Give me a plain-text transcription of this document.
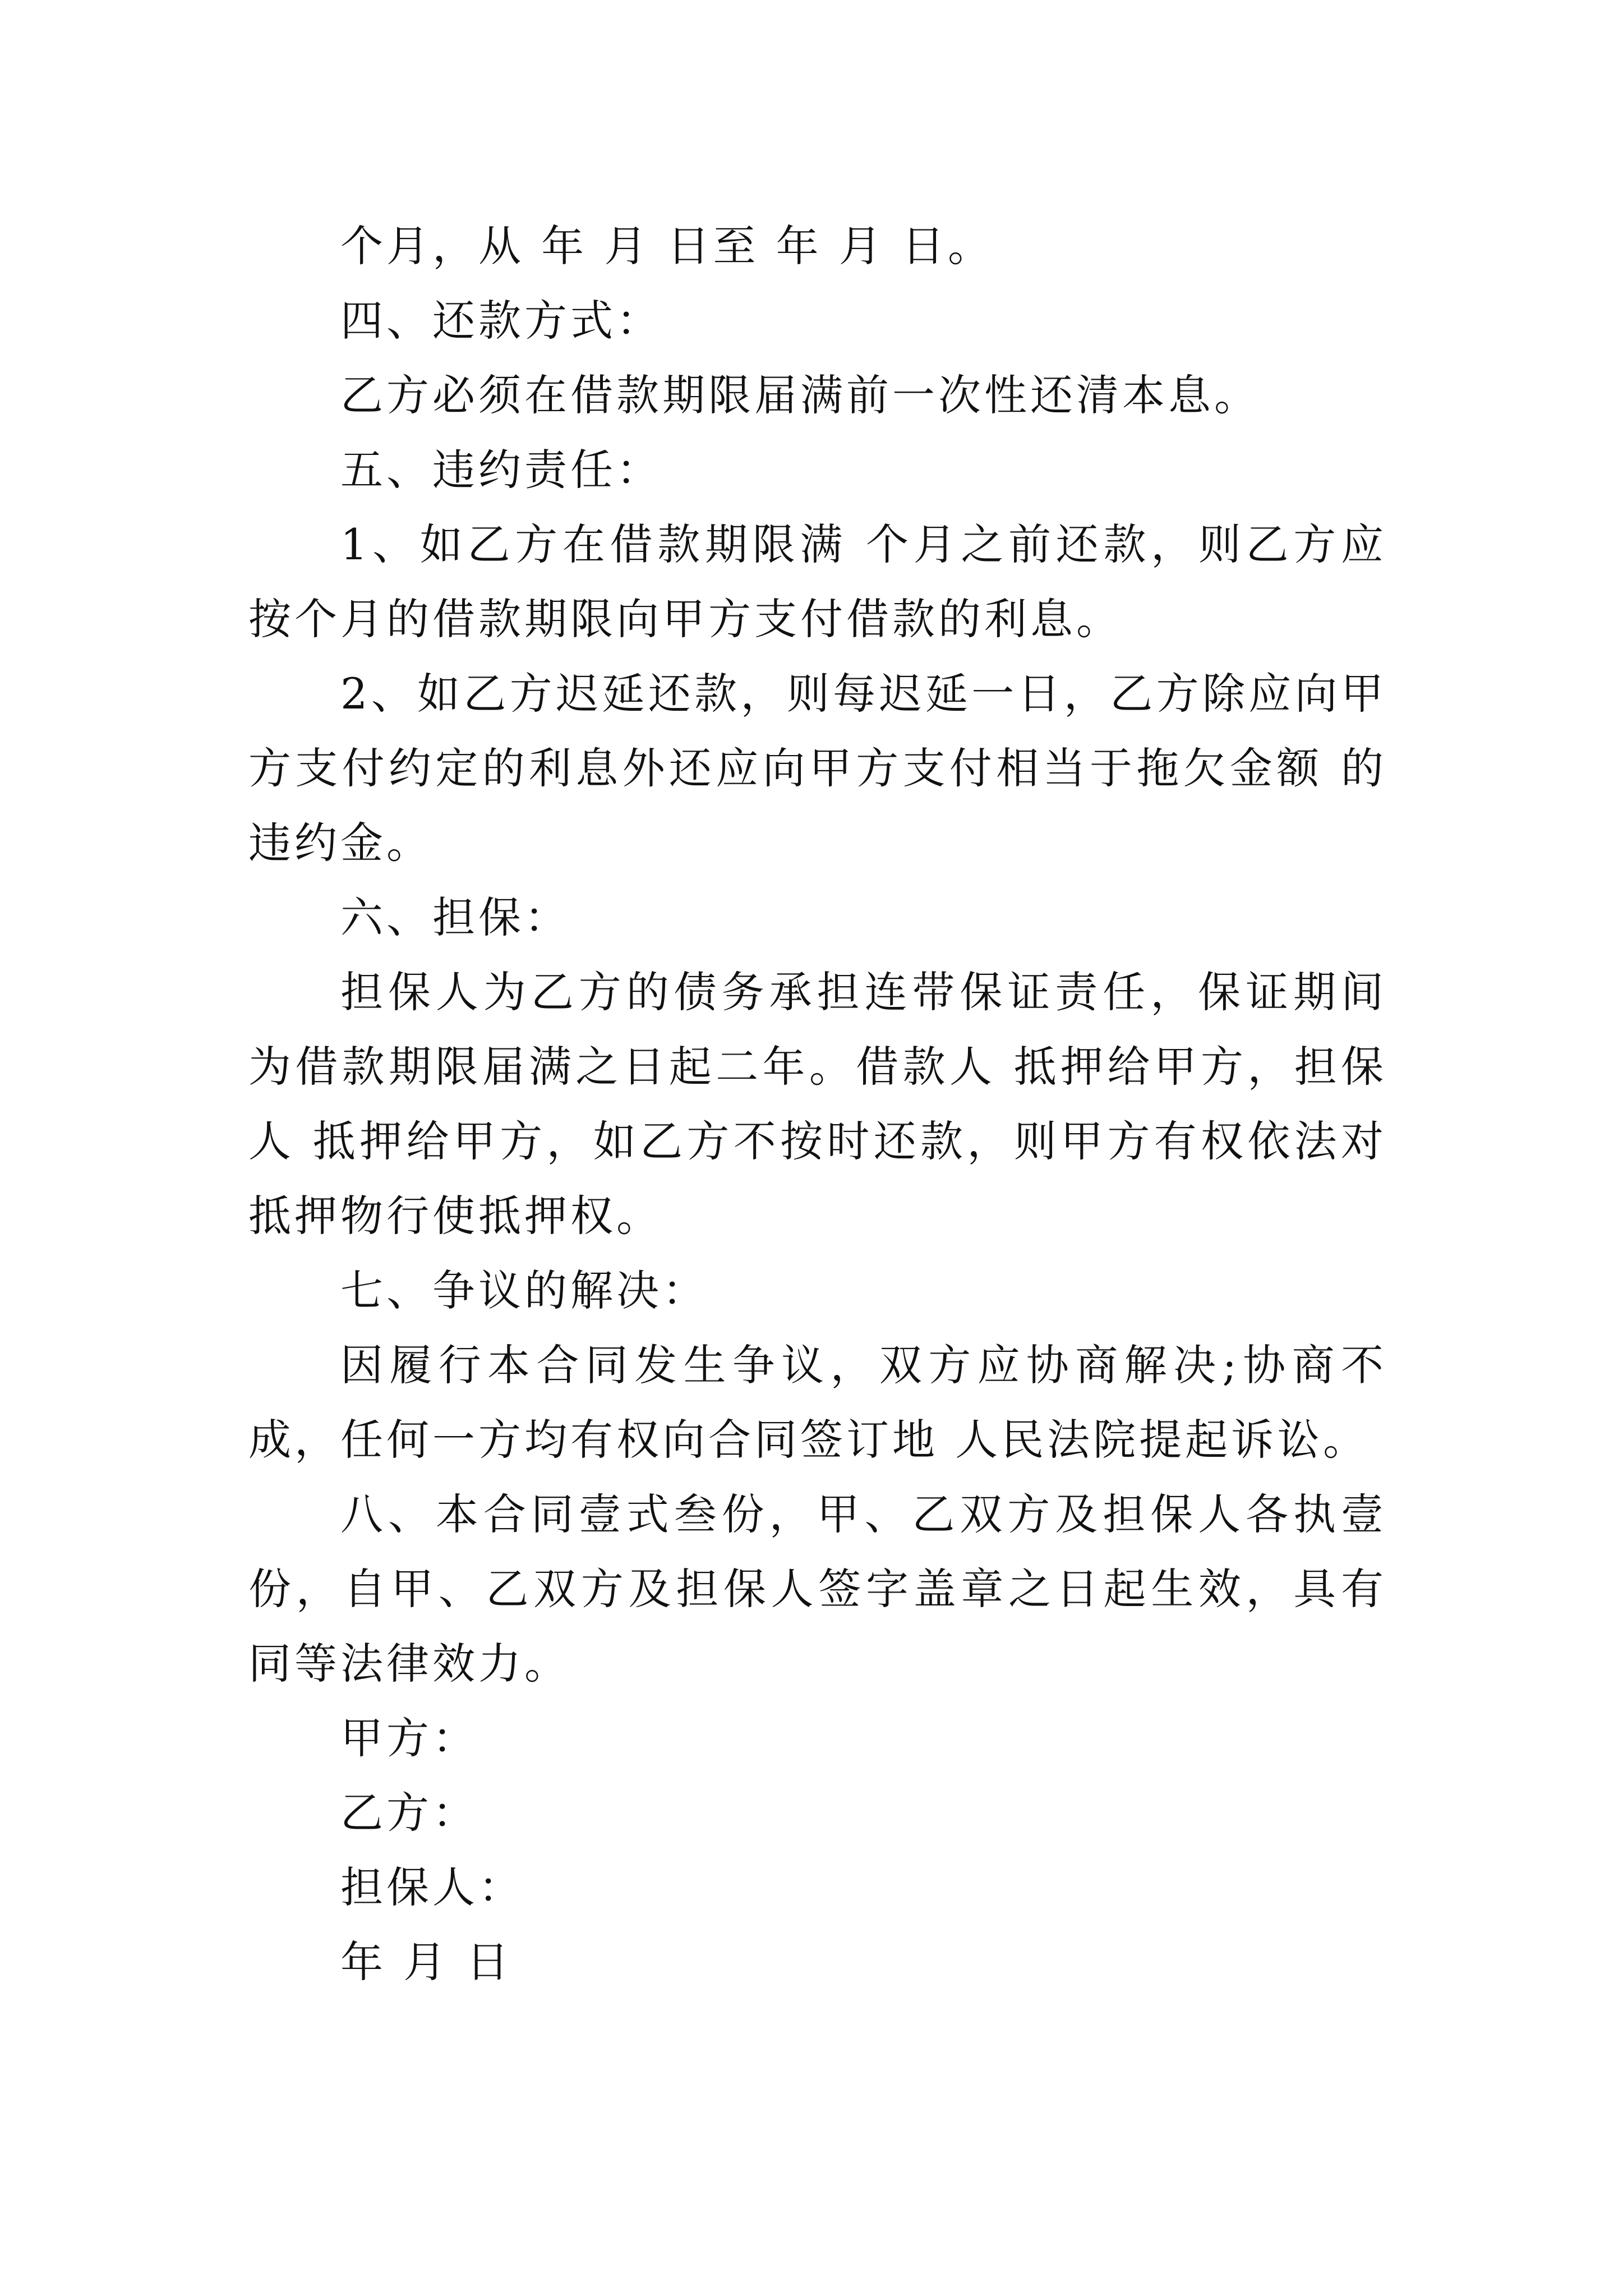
个月，从 年 月 日至 年 月 日。

四、还款方式：

乙方必须在借款期限届满前一次性还清本息。

五、违约责任：

1、如乙方在借款期限满 个月之前还款，则乙方应按个月的借款期限向甲方支付借款的利息。

2、如乙方迟延还款，则每迟延一日，乙方除应向甲方支付约定的利息外还应向甲方支付相当于拖欠金额 的违约金。

六、担保：

担保人为乙方的债务承担连带保证责任，保证期间为借款期限届满之日起二年。借款人 抵押给甲方，担保人 抵押给甲方，如乙方不按时还款，则甲方有权依法对抵押物行使抵押权。

七、争议的解决：

因履行本合同发生争议，双方应协商解决;协商不成，任何一方均有权向合同签订地 人民法院提起诉讼。

八、本合同壹式叁份，甲、乙双方及担保人各执壹份，自甲、乙双方及担保人签字盖章之日起生效，具有同等法律效力。

甲方：

乙方：

担保人：

年 月 日
